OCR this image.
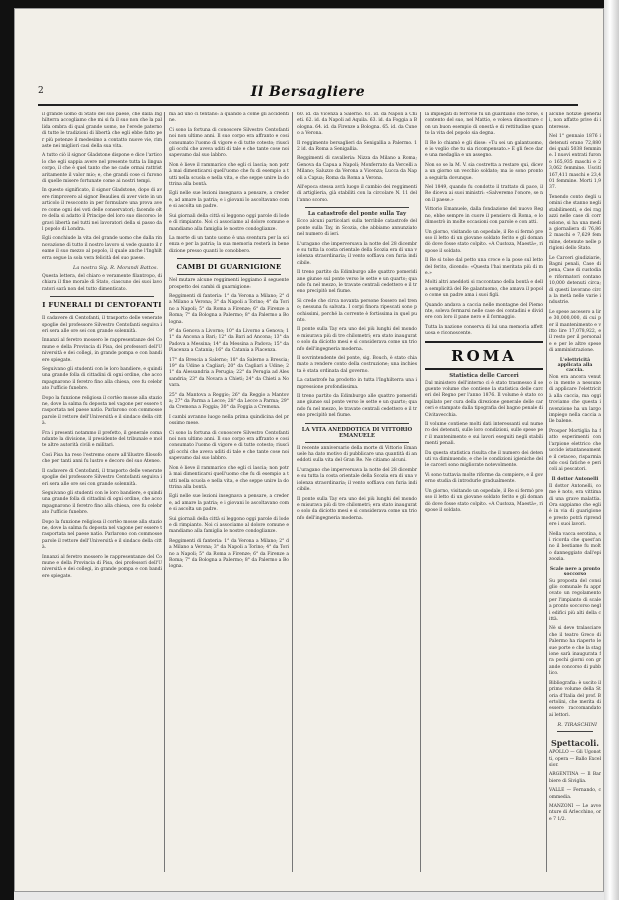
2	Il Bersagliere

il grande uomo di Stato del suo paese, che dalla Inghilterra accogliamo che mi si fa il suo non che la pallida ombra di qual grande uomo, ne l'erede paterno di tutte le tradizioni di libertà che egli ebbe fatto per più potenze il medesimo a contatto nuove vie, rimaste nei migliori casi della sua vita.

A tutto ciò il signor Gladstone dispone e dice l'articolo che egli sappia avere nel presente tutta la lingua corpo, il che è quel tanto che ne cade ormai rattristaritamente il valor mio; e, che grandi cose ci furono di quelle misere fortunate come ai nostri tempi.

In questo significato, il signor Gladstone, dopo di avere rimprovero al signor Beaulieu di aver viste in un articolo il resoconto in per formulare una prova avere come ogni dei voti delle conservatori; facendo oltre della si adatto il Principe del loro suo discorso: le gravi libertà nel tutti nei lavoratori della si passo dal popolo di Londra.

Egli conchiude la vita del grande uomo che dalla rinnovazione di tutto il nostro lavoro si vede quanto il reame il suo mezzo al popolo, il quale anche l'Inghilterra segue la sola vera felicità del suo paese.

La nostra Sig. R. Morandi Battos.

Questa lettera, del chiaro e veramente filantropo, dichiara il fine morale di Stato, ciascuno dei suoi lavoratori sarà non del tutto dimenticato.

I FUNERALI DI CENTOFANTI

Il cadavere di Centofanti, il trasporto delle venerate spoglie del professore Silvestro Centofanti seguiva ieri sera alle ore sei con grande solennità.

Innanzi al feretro mossero le rappresentanze del Comune e della Provincia di Pisa, dei professori dell'Università e dei collegi, in grande pompa e con bandiere spiegate.

Seguivano gli studenti con le loro bandiere, e quindi una grande folla di cittadini di ogni ordine, che accompagnarono il feretro fino alla chiesa, ove fu celebrato l'ufficio funebre.

Dopo la funzione religiosa il cortèo mosse alla stazione, dove la salma fu deposta nel vagone per essere trasportata nel paese natìo. Parlarono con commosse parole il rettore dell'Università e il sindaco della città.

Fra i presenti notammo il prefetto, il generale comandante la divisione, il presidente del tribunale e molte altre autorità civili e militari.

Così Pisa ha reso l'estremo onore all'illustre filosofo che per tanti anni fu lustro e decoro del suo Ateneo.

Il cadavere di Centofanti, il trasporto delle venerate spoglie del professore Silvestro Centofanti seguiva ieri sera alle ore sei con grande solennità.

Seguivano gli studenti con le loro bandiere, e quindi una grande folla di cittadini di ogni ordine, che accompagnarono il feretro fino alla chiesa, ove fu celebrato l'ufficio funebre.

Dopo la funzione religiosa il cortèo mosse alla stazione, dove la salma fu deposta nel vagone per essere trasportata nel paese natìo. Parlarono con commosse parole il rettore dell'Università e il sindaco della città.

Innanzi al feretro mossero le rappresentanze del Comune e della Provincia di Pisa, dei professori dell'Università e dei collegi, in grande pompa e con bandiere spiegate.

ma ad uno ci tentano: a quando a come gli accidenti ne.

Ci sono la fortuna di conoscere Silvestro Centofanti noi non ultimo anni. Il suo corpo era affranto e cosi consumato l'uomo di vigore e di tutte cotesto; riuscì gli occhi che aveva uditi di tale e che tante cose noi sapevamo dal suo labbro.

Non è lieve il rammarico che egli ci lascia; non potrà mai dimenticarsi quell'uomo che fu di esempio a tutti nella scuola e nella vita, e che seppe unire la dottrina alla bontà.

Egli nelle sue lezioni insegnava a pensare, a credere, ad amare la patria; e i giovani lo ascoltavano come si ascolta un padre.

Sui giornali della città si leggono oggi parole di lode e di rimpianto. Noi ci associamo al dolore comune e mandiamo alla famiglia le nostre condoglianze.

La morte di un tanto uomo è una sventura per la scienza e per la patria; la sua memoria resterà in benedizione presso quanti lo conobbero.

CAMBI DI GUARNIGIONE

Nel mutare alcune reggimenti leggiamo il seguente prospetto dei cambi di guarnigione:

Reggimenti di fanteria: 1° da Verona a Milano; 2° da Milano a Verona; 3° da Napoli a Torino; 4° da Torino a Napoli; 5° da Roma a Firenze; 6° da Firenze a Roma; 7° da Bologna a Palermo; 8° da Palermo a Bologna.

9° da Genova a Livorno; 10° da Livorno a Genova; 11° da Ancona a Bari; 12° da Bari ad Ancona; 13° da Padova a Messina; 14° da Messina a Padova; 15° da Piacenza a Catania; 16° da Catania a Piacenza.

17° da Brescia a Salerno; 18° da Salerno a Brescia; 19° da Udine a Cagliari; 20° da Cagliari a Udine; 21° da Alessandria a Perugia; 22° da Perugia ad Alessandria; 23° da Novara a Chieti; 24° da Chieti a Novara.

25° da Mantova a Reggio; 26° da Reggio a Mantova; 27° da Parma a Lecce; 28° da Lecce a Parma; 29° da Cremona a Foggia; 30° da Foggia a Cremona.

I cambi avranno luogo nella prima quindicina del prossimo mese.

Ci sono la fortuna di conoscere Silvestro Centofanti noi non ultimo anni. Il suo corpo era affranto e cosi consumato l'uomo di vigore e di tutte cotesto; riuscì gli occhi che aveva uditi di tale e che tante cose noi sapevamo dal suo labbro.

Non è lieve il rammarico che egli ci lascia; non potrà mai dimenticarsi quell'uomo che fu di esempio a tutti nella scuola e nella vita, e che seppe unire la dottrina alla bontà.

Egli nelle sue lezioni insegnava a pensare, a credere, ad amare la patria; e i giovani lo ascoltavano come si ascolta un padre.

Sui giornali della città si leggono oggi parole di lode e di rimpianto. Noi ci associamo al dolore comune e mandiamo alla famiglia le nostre condoglianze.

Reggimenti di fanteria: 1° da Verona a Milano; 2° da Milano a Verona; 3° da Napoli a Torino; 4° da Torino a Napoli; 5° da Roma a Firenze; 6° da Firenze a Roma; 7° da Bologna a Palermo; 8° da Palermo a Bologna.

60. id. da Vicenza a Salerno. 61. id. da Napoli a Chieti. 62. id. da Napoli ad Aquila. 63. id. da Foggia a Bologna. 64. id. da Firenze a Bologna. 65. id. da Cuneo a Verona.

Il reggimento bersaglieri da Senigallia a Palermo. 12 id. da Roma a Senigallia.

Reggimenti di cavalleria: Nizza da Milano a Roma; Genova da Capua a Napoli; Monferrato da Vercelli a Milano; Saluzzo da Verona a Vicenza; Lucca da Napoli a Capua; Roma da Roma a Verona.

All'epoca stessa avrà luogo il cambio dei reggimenti di artiglieria, già stabiliti con la circolare N. 11 dell'anno scorso.

La catastrofe del ponte sulla Tay

Ecco alcuni particolari sulla terribile catastrofe del ponte sulla Tay, in Scozia, che abbiamo annunziato nel numero di ieri.

L'uragano che imperversava la notte del 28 dicembre su tutta la costa orientale della Scozia era di una violenza straordinaria; il vento soffiava con furia indicibile.

Il treno partito da Edimburgo alle quattro pomeridiane giunse sul ponte verso le sette e un quarto; quando fu nel mezzo, le travate centrali cedettero e il treno precipitò nel fiume.

Si crede che circa novanta persone fossero nel treno; nessuna fu salvata. I corpi finora ripescati sono pochissimi, perché la corrente è fortissima in quel punto.

Il ponte sulla Tay era uno dei più lunghi del mondo e misurava più di tre chilometri; era stato inaugurato solo da diciotto mesi e si considerava come un trionfo dell'ingegneria moderna.

Il sovrintendente del ponte, sig. Bouch, è stato chiamato a rendere conto della costruzione; una inchiesta è stata ordinata dal governo.

La catastrofe ha prodotto in tutta l'Inghilterra una impressione profondissima.

Il treno partito da Edimburgo alle quattro pomeridiane giunse sul ponte verso le sette e un quarto; quando fu nel mezzo, le travate centrali cedettero e il treno precipitò nel fiume.

LA VITA ANEDDOTICA DI VITTORIO EMANUELE

Il recente anniversario della morte di Vittorio Emanuele ha dato motivo di pubblicare una quantità di aneddoti sulla vita del Gran Re. Ne citiamo alcuni.

L'uragano che imperversava la notte del 28 dicembre su tutta la costa orientale della Scozia era di una violenza straordinaria; il vento soffiava con furia indicibile.

Il ponte sulla Tay era uno dei più lunghi del mondo e misurava più di tre chilometri; era stato inaugurato solo da diciotto mesi e si considerava come un trionfo dell'ingegneria moderna.

la impiegati di ferrovie fu un guardiano che forse, scontento del suo, nel Mattio, e voleva dimostrare con un buon esempio di onestà e di rettitudine quanto la vita del popolo sia degna.

Il Re lo chiamò e gli disse: «Tu sei un galantuomo, e io voglio che tu sia ricompensato.» E gli fece dare una medaglia e un assegno.

Non so se la M. V. sia costretta a restare qui, diceva un giorno un vecchio soldato; ma io sono pronto a seguirla dovunque.

Nel 1849, quando fu condotto il trattato di pace, il Re diceva ai suoi ministri: «Salveremo l'onore, se non il paese.»

Vittorio Emanuele, dalla fondazione del nuovo Regno, ebbe sempre in cuore il pensiero di Roma, e lo dimostrò in molte occasioni con parole e con atti.

Un giorno, visitando un ospedale, il Re si fermò presso il letto di un giovane soldato ferito e gli domandò dove fosse stato colpito. «A Custoza, Maestà», rispose il soldato.

Il Re si tolse dal petto una croce e la pose sul letto del ferito, dicendo: «Questa l'hai meritata più di me.»

Molti altri aneddoti si raccontano della bontà e della semplicità del Re galantuomo, che amava il popolo come un padre ama i suoi figli.

Quando andava a caccia nelle montagne del Piemonte, soleva fermarsi nelle case dei contadini e dividere con loro il pane nero e il formaggio.

Tutta la nazione conserva di lui una memoria affettuosa e riconoscente.

ROMA
Statistica delle Carceri

Dal ministero dell'interno ci è stato trasmesso il seguente volume che contiene la statistica delle carceri del Regno per l'anno 1876. Il volume è stato compilato per cura della direzione generale delle carceri e stampato dalla tipografia del bagno penale di Civitavecchia.

Il volume contiene molti dati interessanti sul numero dei detenuti, sulle loro condizioni, sulle spese per il mantenimento e sui lavori eseguiti negli stabilimenti penali.

Da questa statistica risulta che il numero dei detenuti va diminuendo, e che le condizioni igieniche delle carceri sono migliorate notevolmente.

Vi sono tuttavia molte riforme da compiere, e il governo studia di introdurle gradualmente.

Un giorno, visitando un ospedale, il Re si fermò presso il letto di un giovane soldato ferito e gli domandò dove fosse stato colpito. «A Custoza, Maestà», rispose il soldato.

alcune notizie generali, non affatto prive di interesse.

Nel 1° gennaio 1876 i detenuti erano 72,880 dei quali 5038 femmine. I nuovi entrati furono 165,935 maschi e 23,062 femmine. Usciti 167,411 maschi e 23,401 femmine. Morti 1,937.

Tenendo conto degli uomini che stanno negli stabilimenti, e dei ragazzi nelle case di correzione, si ha una media giornaliera di 76,862 maschi e 7,629 femmine, detenute nelle prigioni dello Stato.

Le Carceri giudiziarie, Bagni penali, Case di pena, Case di custodia e riformatori contano 10,000 detenuti circa; di questi lavorano circa la metà nelle varie industrie.

Le spese ascesero a lire 30,000,000, di cui per il mantenimento e vitto lire 17,078,922, e il resto per il personale e per le altre spese di amministrazione.

L'elettricità applicata alla caccia.

Non era ancora venuto in mente a nessuno di applicare l'elettricità alla caccia, ma oggi troviamo che questa invenzione ha un largo impiego nella caccia alle balene.

Prosper Mortiglia ha fatto esperimenti con l'arpione elettrico che uccide istantaneamente il cetaceo, risparmiando così fatiche e pericoli ai pescatori.

Il dottor Antonelli

Il dottor Antonelli, come è noto, era vittima di una grave malattia. Ora sappiamo che egli è in via di guarigione e presto potrà riprendere i suoi lavori.

Nella vacca serotina, si ricorda che quest'anno il bestiame fu molto danneggiato dall'epizoozia.

Scale nere a pronto soccorso

Su proposta del consiglio comunale fu approvato un regolamento per l'impianto di scale a pronto soccorso negli edifici più alti della città.

Nè si deve tralasciare che il teatro Greco di Palermo ha riaperto le sue porte e che la stagione sarà inaugurata fra pochi giorni con grande concorso di pubblico.

Bibliografia: è uscito il primo volume della Storia d'Italia del prof. Bertolini, che merita di essere raccomandato ai lettori.

R. TIRASCHINI
Spettacoli.

APOLLO — Gli Ugonotti, opera — Ballo Excelsior.

ARGENTINA — Il Barbiere di Siviglia.

VALLE — Fernando, commedia.

MANZONI — Le avventure di Arlecchino, ore 7 1/2.
